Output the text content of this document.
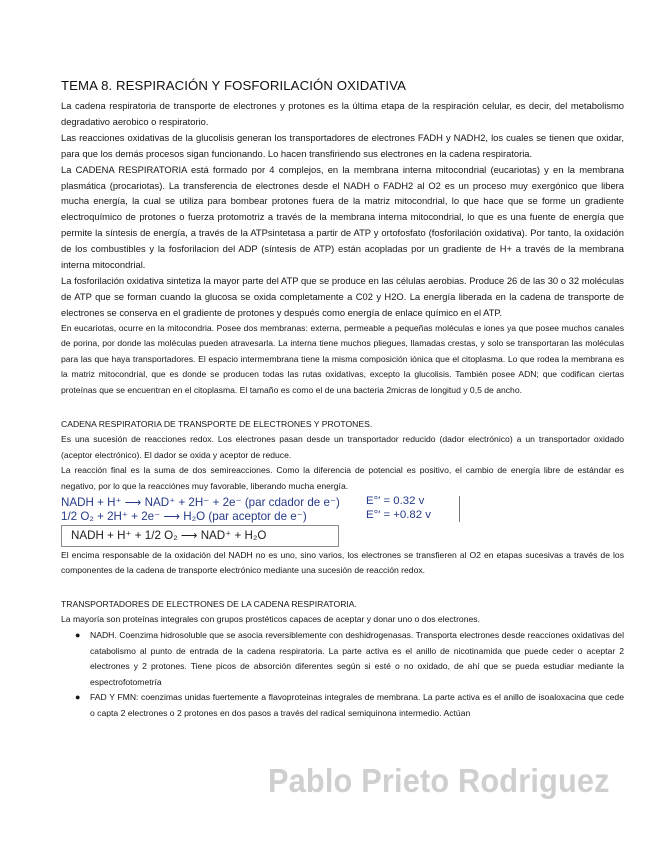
TEMA 8. RESPIRACIÓN Y FOSFORILACIÓN OXIDATIVA

La cadena respiratoria de transporte de electrones y protones es la última etapa de la respiración celular, es decir, del metabolismo degradativo aerobico o respiratorio.

Las reacciones oxidativas de la glucolisis generan los transportadores de electrones FADH y NADH2, los cuales se tienen que oxidar, para que los demás procesos sigan funcionando. Lo hacen transfiriendo sus electrones en la cadena respiratoria.

La CADENA RESPIRATORIA está formado por 4 complejos, en la membrana interna mitocondrial (eucariotas) y en la membrana plasmática (procariotas). La transferencia de electrones desde el NADH o FADH2 al O2 es un proceso muy exergónico que libera mucha energía, la cual se utiliza para bombear protones fuera de la matriz mitocondrial, lo que hace que se forme un gradiente electroquímico de protones o fuerza protomotriz a través de la membrana interna mitocondrial, lo que es una fuente de energía que permite la síntesis de energía, a través de la ATPsintetasa a partir de ATP y ortofosfato (fosforilación oxidativa). Por tanto, la oxidación de los combustibles y la fosforilacion del ADP (síntesis de ATP) están acopladas por un gradiente de H+ a través de la membrana interna mitocondrial.

La fosforilación oxidativa sintetiza la mayor parte del ATP que se produce en las células aerobias. Produce 26 de las 30 o 32 moléculas de ATP que se forman cuando la glucosa se oxida completamente a C02 y H2O. La energía liberada en la cadena de transporte de electrones se conserva en el gradiente de protones y después como energía de enlace químico en el ATP.

En eucariotas, ocurre en la mitocondria. Posee dos membranas: externa, permeable a pequeñas moléculas e iones ya que posee muchos canales de porina, por donde las moléculas pueden atravesarla. La interna tiene muchos pliegues, llamadas crestas, y solo se transportaran las moléculas para las que haya transportadores. El espacio intermembrana tiene la misma composición iónica que el citoplasma. Lo que rodea la membrana es la matriz mitocondrial, que es donde se producen todas las rutas oxidativas, excepto la glucolisis. También posee ADN; que codifican ciertas proteínas que se encuentran en el citoplasma. El tamaño es como el de una bacteria 2micras de longitud y 0,5 de ancho.

CADENA RESPIRATORIA DE TRANSPORTE DE ELECTRONES Y PROTONES.

Es una sucesión de reacciones redox. Los electrones pasan desde un transportador reducido (dador electrónico) a un transportador oxidado (aceptor electrónico). El dador se oxida y aceptor de reduce.

La reacción final es la suma de dos semireacciones. Como la diferencia de potencial es positivo, el cambio de energía libre de estándar es negativo, por lo que la reacciónes muy favorable, liberando mucha energía.

NADH + H⁺ ⟶ NAD⁺ + 2H⁻ + 2e⁻ (par cdador de e⁻)
1/2 O₂ + 2H⁺ + 2e⁻ ⟶ H₂O (par aceptor de e⁻)
E°′ = 0.32 v
E°′ = +0.82 v
NADH + H⁺ + 1/2 O₂ ⟶ NAD⁺ + H₂O

El encima responsable de la oxidación del NADH no es uno, sino varios, los electrones se transfieren al O2 en etapas sucesivas a través de los componentes de la cadena de transporte electrónico mediante una sucesión de reacción redox.

TRANSPORTADORES DE ELECTRONES DE LA CADENA RESPIRATORIA.

La mayoría son proteínas integrales con grupos prostéticos capaces de aceptar y donar uno o dos electrones.

● NADH. Coenzima hidrosoluble que se asocia reversiblemente con deshidrogenasas. Transporta electrones desde reacciones oxidativas del catabolismo al punto de entrada de la cadena respiratoria. La parte activa es el anillo de nicotinamida que puede ceder o aceptar 2 electrones y 2 protones. Tiene picos de absorción diferentes según si esté o no oxidado, de ahí que se pueda estudiar mediante la espectrofotometría
● FAD Y FMN: coenzimas unidas fuertemente a flavoproteinas integrales de membrana. La parte activa es el anillo de isoaloxacina que cede o capta 2 electrones o 2 protones en dos pasos a través del radical semiquinona intermedio. Actúan
Pablo Prieto Rodriguez
